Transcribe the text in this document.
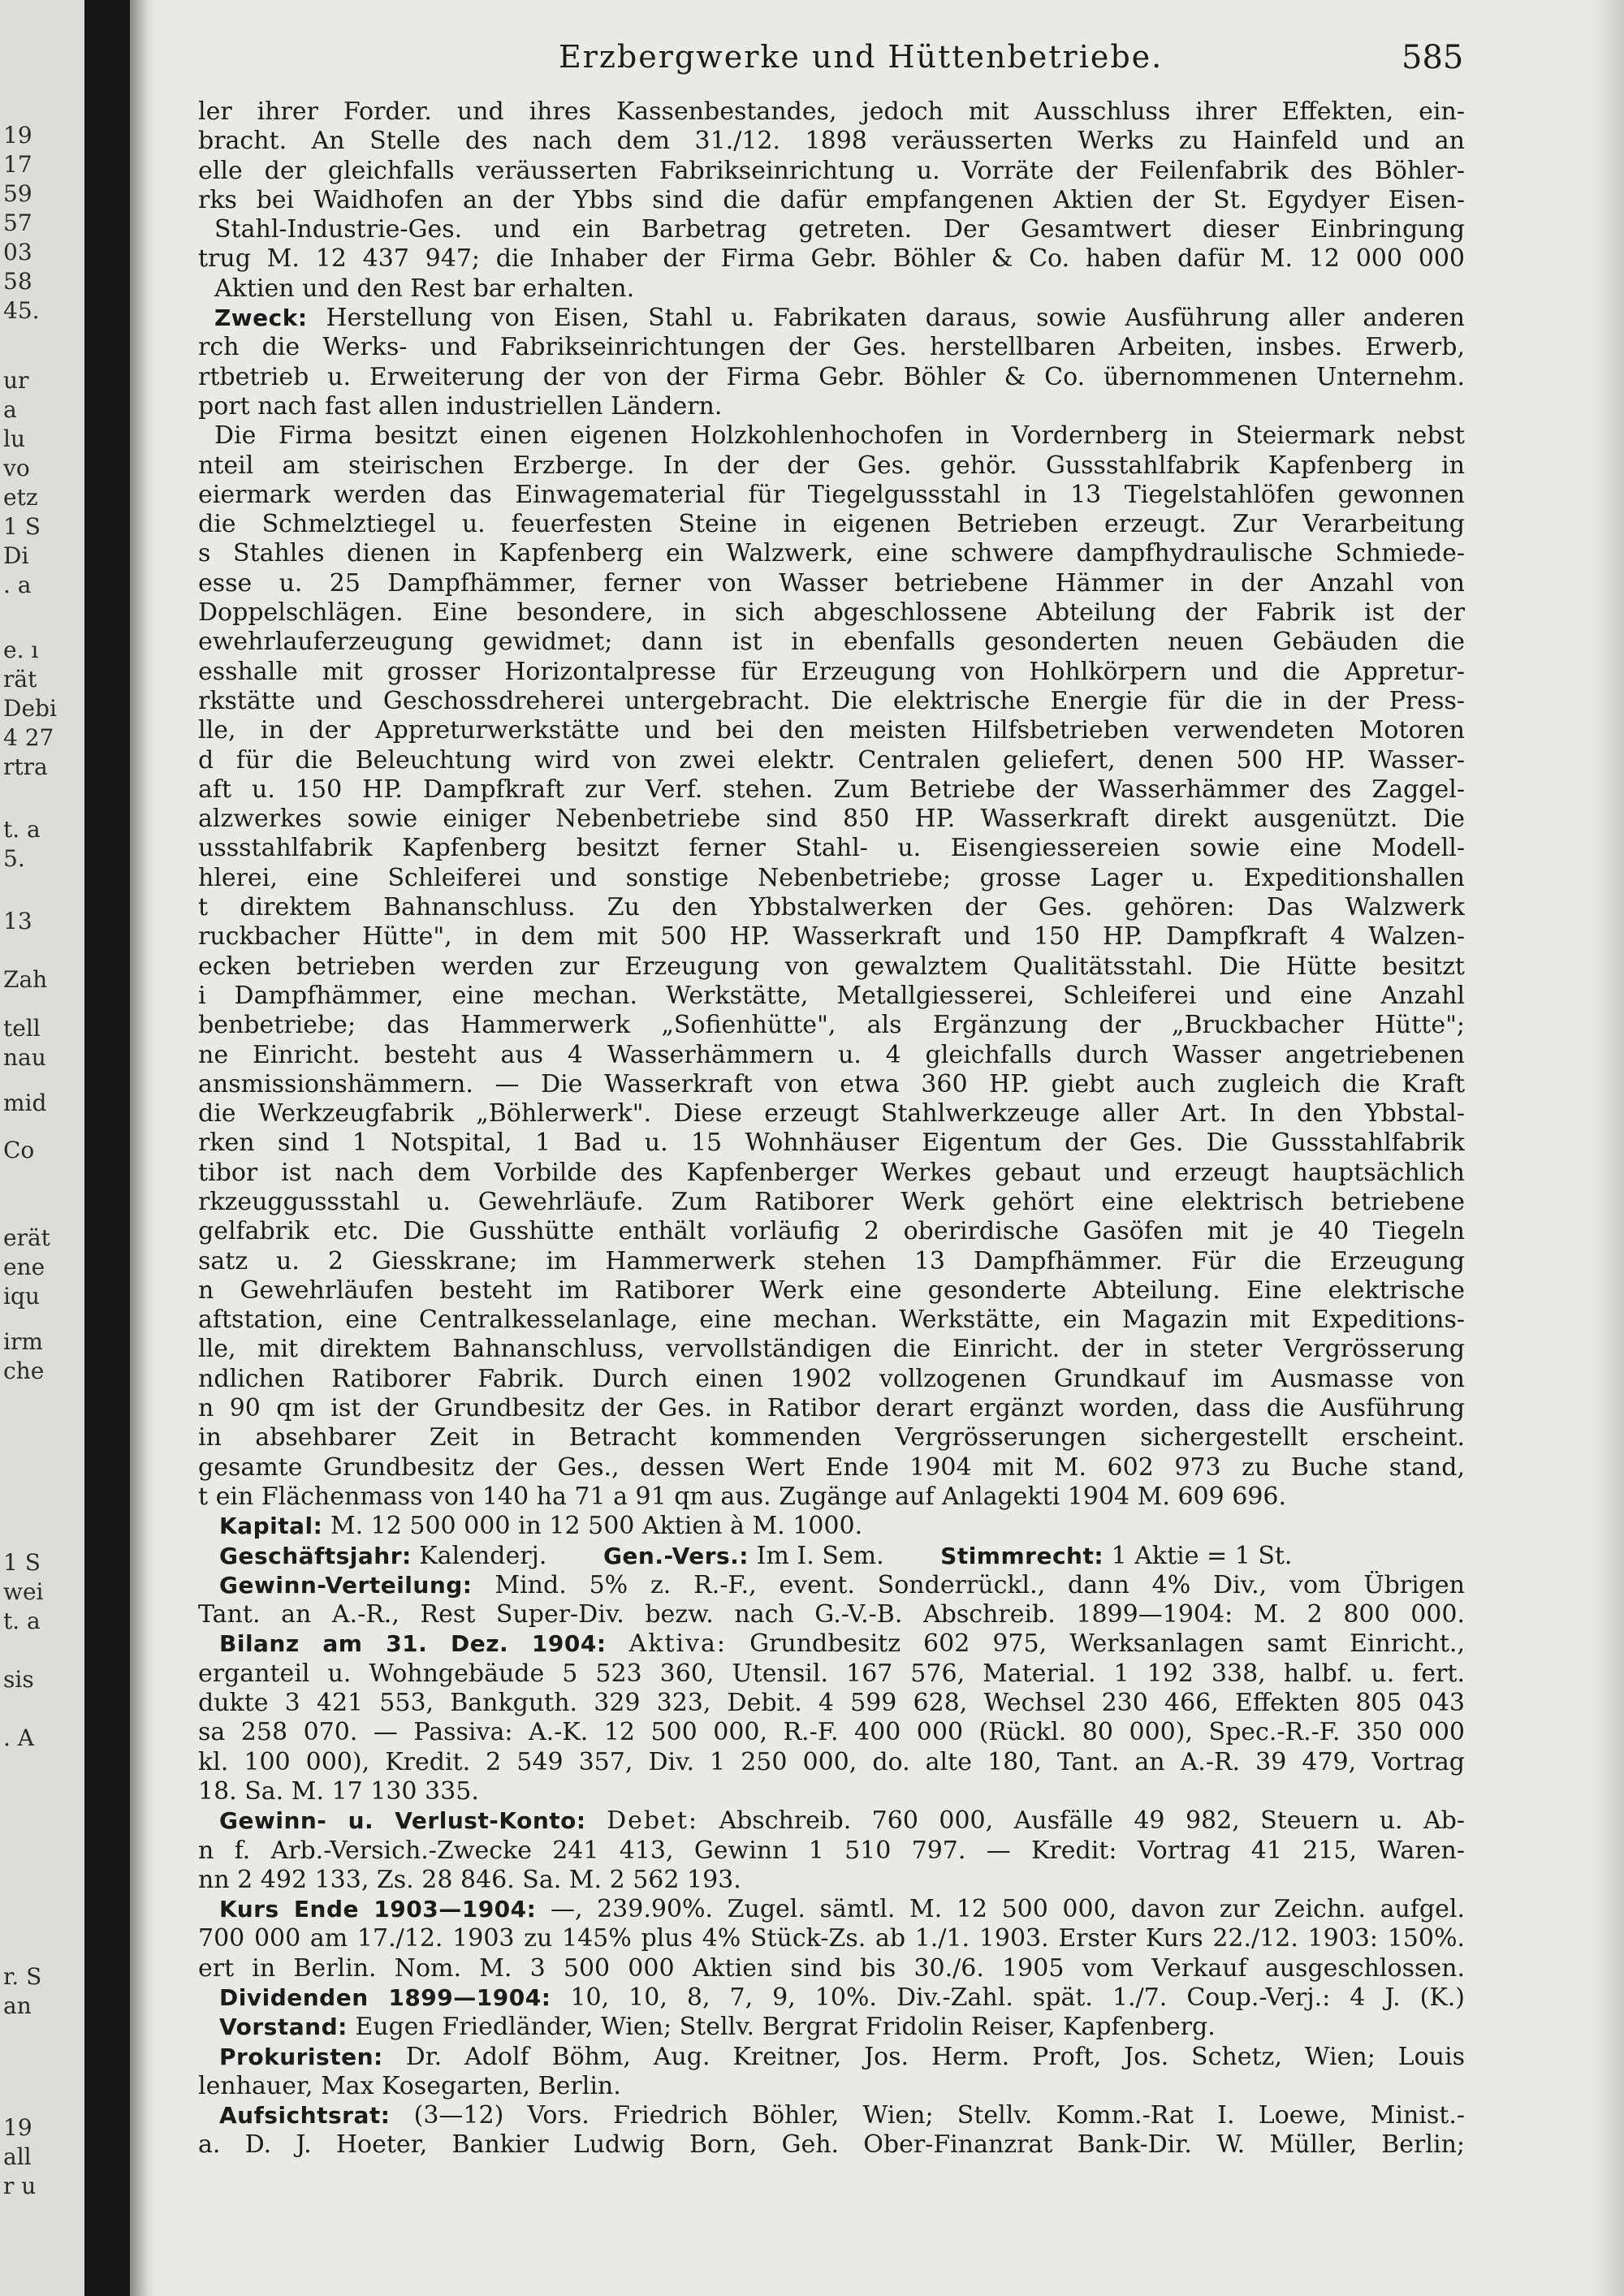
19
17
59
57
03
58
45.
ur
a
lu
vo
etz
1 S
Di
. a
e. ı
rät
Debi
4 27
rtra
t. a
5.
13
Zah
tell
nau
mid
Co
erät
ene
iqu
irm
che
1 S
wei
t. a
sis
. A
r. S
an
19
all
r u
Erzbergwerke und Hüttenbetriebe.	585
ler ihrer Forder. und ihres Kassenbestandes, jedoch mit Ausschluss ihrer Effekten, ein-
bracht. An Stelle des nach dem 31./12. 1898 veräusserten Werks zu Hainfeld und an
elle der gleichfalls veräusserten Fabrikseinrichtung u. Vorräte der Feilenfabrik des Böhler-
rks bei Waidhofen an der Ybbs sind die dafür empfangenen Aktien der St. Egydyer Eisen-
Stahl-Industrie-Ges. und ein Barbetrag getreten. Der Gesamtwert dieser Einbringung
trug M. 12 437 947; die Inhaber der Firma Gebr. Böhler & Co. haben dafür M. 12 000 000
Aktien und den Rest bar erhalten.
Zweck: Herstellung von Eisen, Stahl u. Fabrikaten daraus, sowie Ausführung aller anderen
rch die Werks- und Fabrikseinrichtungen der Ges. herstellbaren Arbeiten, insbes. Erwerb,
rtbetrieb u. Erweiterung der von der Firma Gebr. Böhler & Co. übernommenen Unternehm.
port nach fast allen industriellen Ländern.
Die Firma besitzt einen eigenen Holzkohlenhochofen in Vordernberg in Steiermark nebst
nteil am steirischen Erzberge. In der der Ges. gehör. Gussstahlfabrik Kapfenberg in
eiermark werden das Einwagematerial für Tiegelgussstahl in 13 Tiegelstahlöfen gewonnen
die Schmelztiegel u. feuerfesten Steine in eigenen Betrieben erzeugt. Zur Verarbeitung
s Stahles dienen in Kapfenberg ein Walzwerk, eine schwere dampfhydraulische Schmiede-
esse u. 25 Dampfhämmer, ferner von Wasser betriebene Hämmer in der Anzahl von
Doppelschlägen. Eine besondere, in sich abgeschlossene Abteilung der Fabrik ist der
ewehrlauferzeugung gewidmet; dann ist in ebenfalls gesonderten neuen Gebäuden die
esshalle mit grosser Horizontalpresse für Erzeugung von Hohlkörpern und die Appretur-
rkstätte und Geschossdreherei untergebracht. Die elektrische Energie für die in der Press-
lle, in der Appreturwerkstätte und bei den meisten Hilfsbetrieben verwendeten Motoren
d für die Beleuchtung wird von zwei elektr. Centralen geliefert, denen 500 HP. Wasser-
aft u. 150 HP. Dampfkraft zur Verf. stehen. Zum Betriebe der Wasserhämmer des Zaggel-
alzwerkes sowie einiger Nebenbetriebe sind 850 HP. Wasserkraft direkt ausgenützt. Die
ussstahlfabrik Kapfenberg besitzt ferner Stahl- u. Eisengiessereien sowie eine Modell-
hlerei, eine Schleiferei und sonstige Nebenbetriebe; grosse Lager u. Expeditionshallen
t direktem Bahnanschluss. Zu den Ybbstalwerken der Ges. gehören: Das Walzwerk
ruckbacher Hütte", in dem mit 500 HP. Wasserkraft und 150 HP. Dampfkraft 4 Walzen-
ecken betrieben werden zur Erzeugung von gewalztem Qualitätsstahl. Die Hütte besitzt
i Dampfhämmer, eine mechan. Werkstätte, Metallgiesserei, Schleiferei und eine Anzahl
benbetriebe; das Hammerwerk „Sofienhütte", als Ergänzung der „Bruckbacher Hütte";
ne Einricht. besteht aus 4 Wasserhämmern u. 4 gleichfalls durch Wasser angetriebenen
ansmissionshämmern. — Die Wasserkraft von etwa 360 HP. giebt auch zugleich die Kraft
die Werkzeugfabrik „Böhlerwerk". Diese erzeugt Stahlwerkzeuge aller Art. In den Ybbstal-
rken sind 1 Notspital, 1 Bad u. 15 Wohnhäuser Eigentum der Ges. Die Gussstahlfabrik
tibor ist nach dem Vorbilde des Kapfenberger Werkes gebaut und erzeugt hauptsächlich
rkzeuggussstahl u. Gewehrläufe. Zum Ratiborer Werk gehört eine elektrisch betriebene
gelfabrik etc. Die Gusshütte enthält vorläufig 2 oberirdische Gasöfen mit je 40 Tiegeln
satz u. 2 Giesskrane; im Hammerwerk stehen 13 Dampfhämmer. Für die Erzeugung
n Gewehrläufen besteht im Ratiborer Werk eine gesonderte Abteilung. Eine elektrische
aftstation, eine Centralkesselanlage, eine mechan. Werkstätte, ein Magazin mit Expeditions-
lle, mit direktem Bahnanschluss, vervollständigen die Einricht. der in steter Vergrösserung
ndlichen Ratiborer Fabrik. Durch einen 1902 vollzogenen Grundkauf im Ausmasse von
n 90 qm ist der Grundbesitz der Ges. in Ratibor derart ergänzt worden, dass die Ausführung
in absehbarer Zeit in Betracht kommenden Vergrösserungen sichergestellt erscheint.
gesamte Grundbesitz der Ges., dessen Wert Ende 1904 mit M. 602 973 zu Buche stand,
t ein Flächenmass von 140 ha 71 a 91 qm aus. Zugänge auf Anlagekti 1904 M. 609 696.
Kapital: M. 12 500 000 in 12 500 Aktien à M. 1000.
Geschäftsjahr: Kalenderj. Gen.-Vers.: Im I. Sem. Stimmrecht: 1 Aktie = 1 St.
Gewinn-Verteilung: Mind. 5% z. R.-F., event. Sonderrückl., dann 4% Div., vom Übrigen
Tant. an A.-R., Rest Super-Div. bezw. nach G.-V.-B. Abschreib. 1899—1904: M. 2 800 000.
Bilanz am 31. Dez. 1904: Aktiva: Grundbesitz 602 975, Werksanlagen samt Einricht.,
erganteil u. Wohngebäude 5 523 360, Utensil. 167 576, Material. 1 192 338, halbf. u. fert.
dukte 3 421 553, Bankguth. 329 323, Debit. 4 599 628, Wechsel 230 466, Effekten 805 043
sa 258 070. — Passiva: A.-K. 12 500 000, R.-F. 400 000 (Rückl. 80 000), Spec.-R.-F. 350 000
kl. 100 000), Kredit. 2 549 357, Div. 1 250 000, do. alte 180, Tant. an A.-R. 39 479, Vortrag
18. Sa. M. 17 130 335.
Gewinn- u. Verlust-Konto: Debet: Abschreib. 760 000, Ausfälle 49 982, Steuern u. Ab-
n f. Arb.-Versich.-Zwecke 241 413, Gewinn 1 510 797. — Kredit: Vortrag 41 215, Waren-
nn 2 492 133, Zs. 28 846. Sa. M. 2 562 193.
Kurs Ende 1903—1904: —, 239.90%. Zugel. sämtl. M. 12 500 000, davon zur Zeichn. aufgel.
700 000 am 17./12. 1903 zu 145% plus 4% Stück-Zs. ab 1./1. 1903. Erster Kurs 22./12. 1903: 150%.
ert in Berlin. Nom. M. 3 500 000 Aktien sind bis 30./6. 1905 vom Verkauf ausgeschlossen.
Dividenden 1899—1904: 10, 10, 8, 7, 9, 10%. Div.-Zahl. spät. 1./7. Coup.-Verj.: 4 J. (K.)
Vorstand: Eugen Friedländer, Wien; Stellv. Bergrat Fridolin Reiser, Kapfenberg.
Prokuristen: Dr. Adolf Böhm, Aug. Kreitner, Jos. Herm. Proft, Jos. Schetz, Wien; Louis
lenhauer, Max Kosegarten, Berlin.
Aufsichtsrat: (3—12) Vors. Friedrich Böhler, Wien; Stellv. Komm.-Rat I. Loewe, Minist.-
a. D. J. Hoeter, Bankier Ludwig Born, Geh. Ober-Finanzrat Bank-Dir. W. Müller, Berlin;
